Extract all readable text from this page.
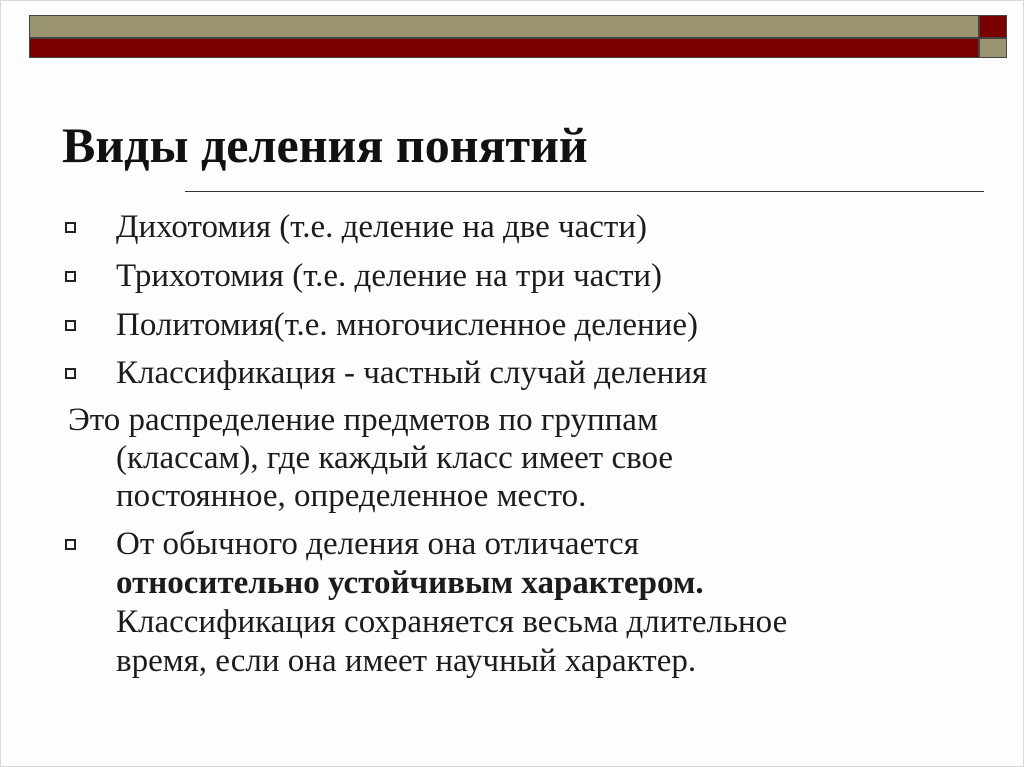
Виды деления понятий
Дихотомия (т.е. деление на две части)
Трихотомия (т.е. деление на три части)
Политомия(т.е. многочисленное деление)
Классификация - частный случай деления
Это распределение предметов по группам
(классам), где каждый класс имеет свое
постоянное, определенное место.
От обычного деления она отличается
относительно устойчивым характером.
Классификация сохраняется весьма длительное
время, если она имеет научный характер.
